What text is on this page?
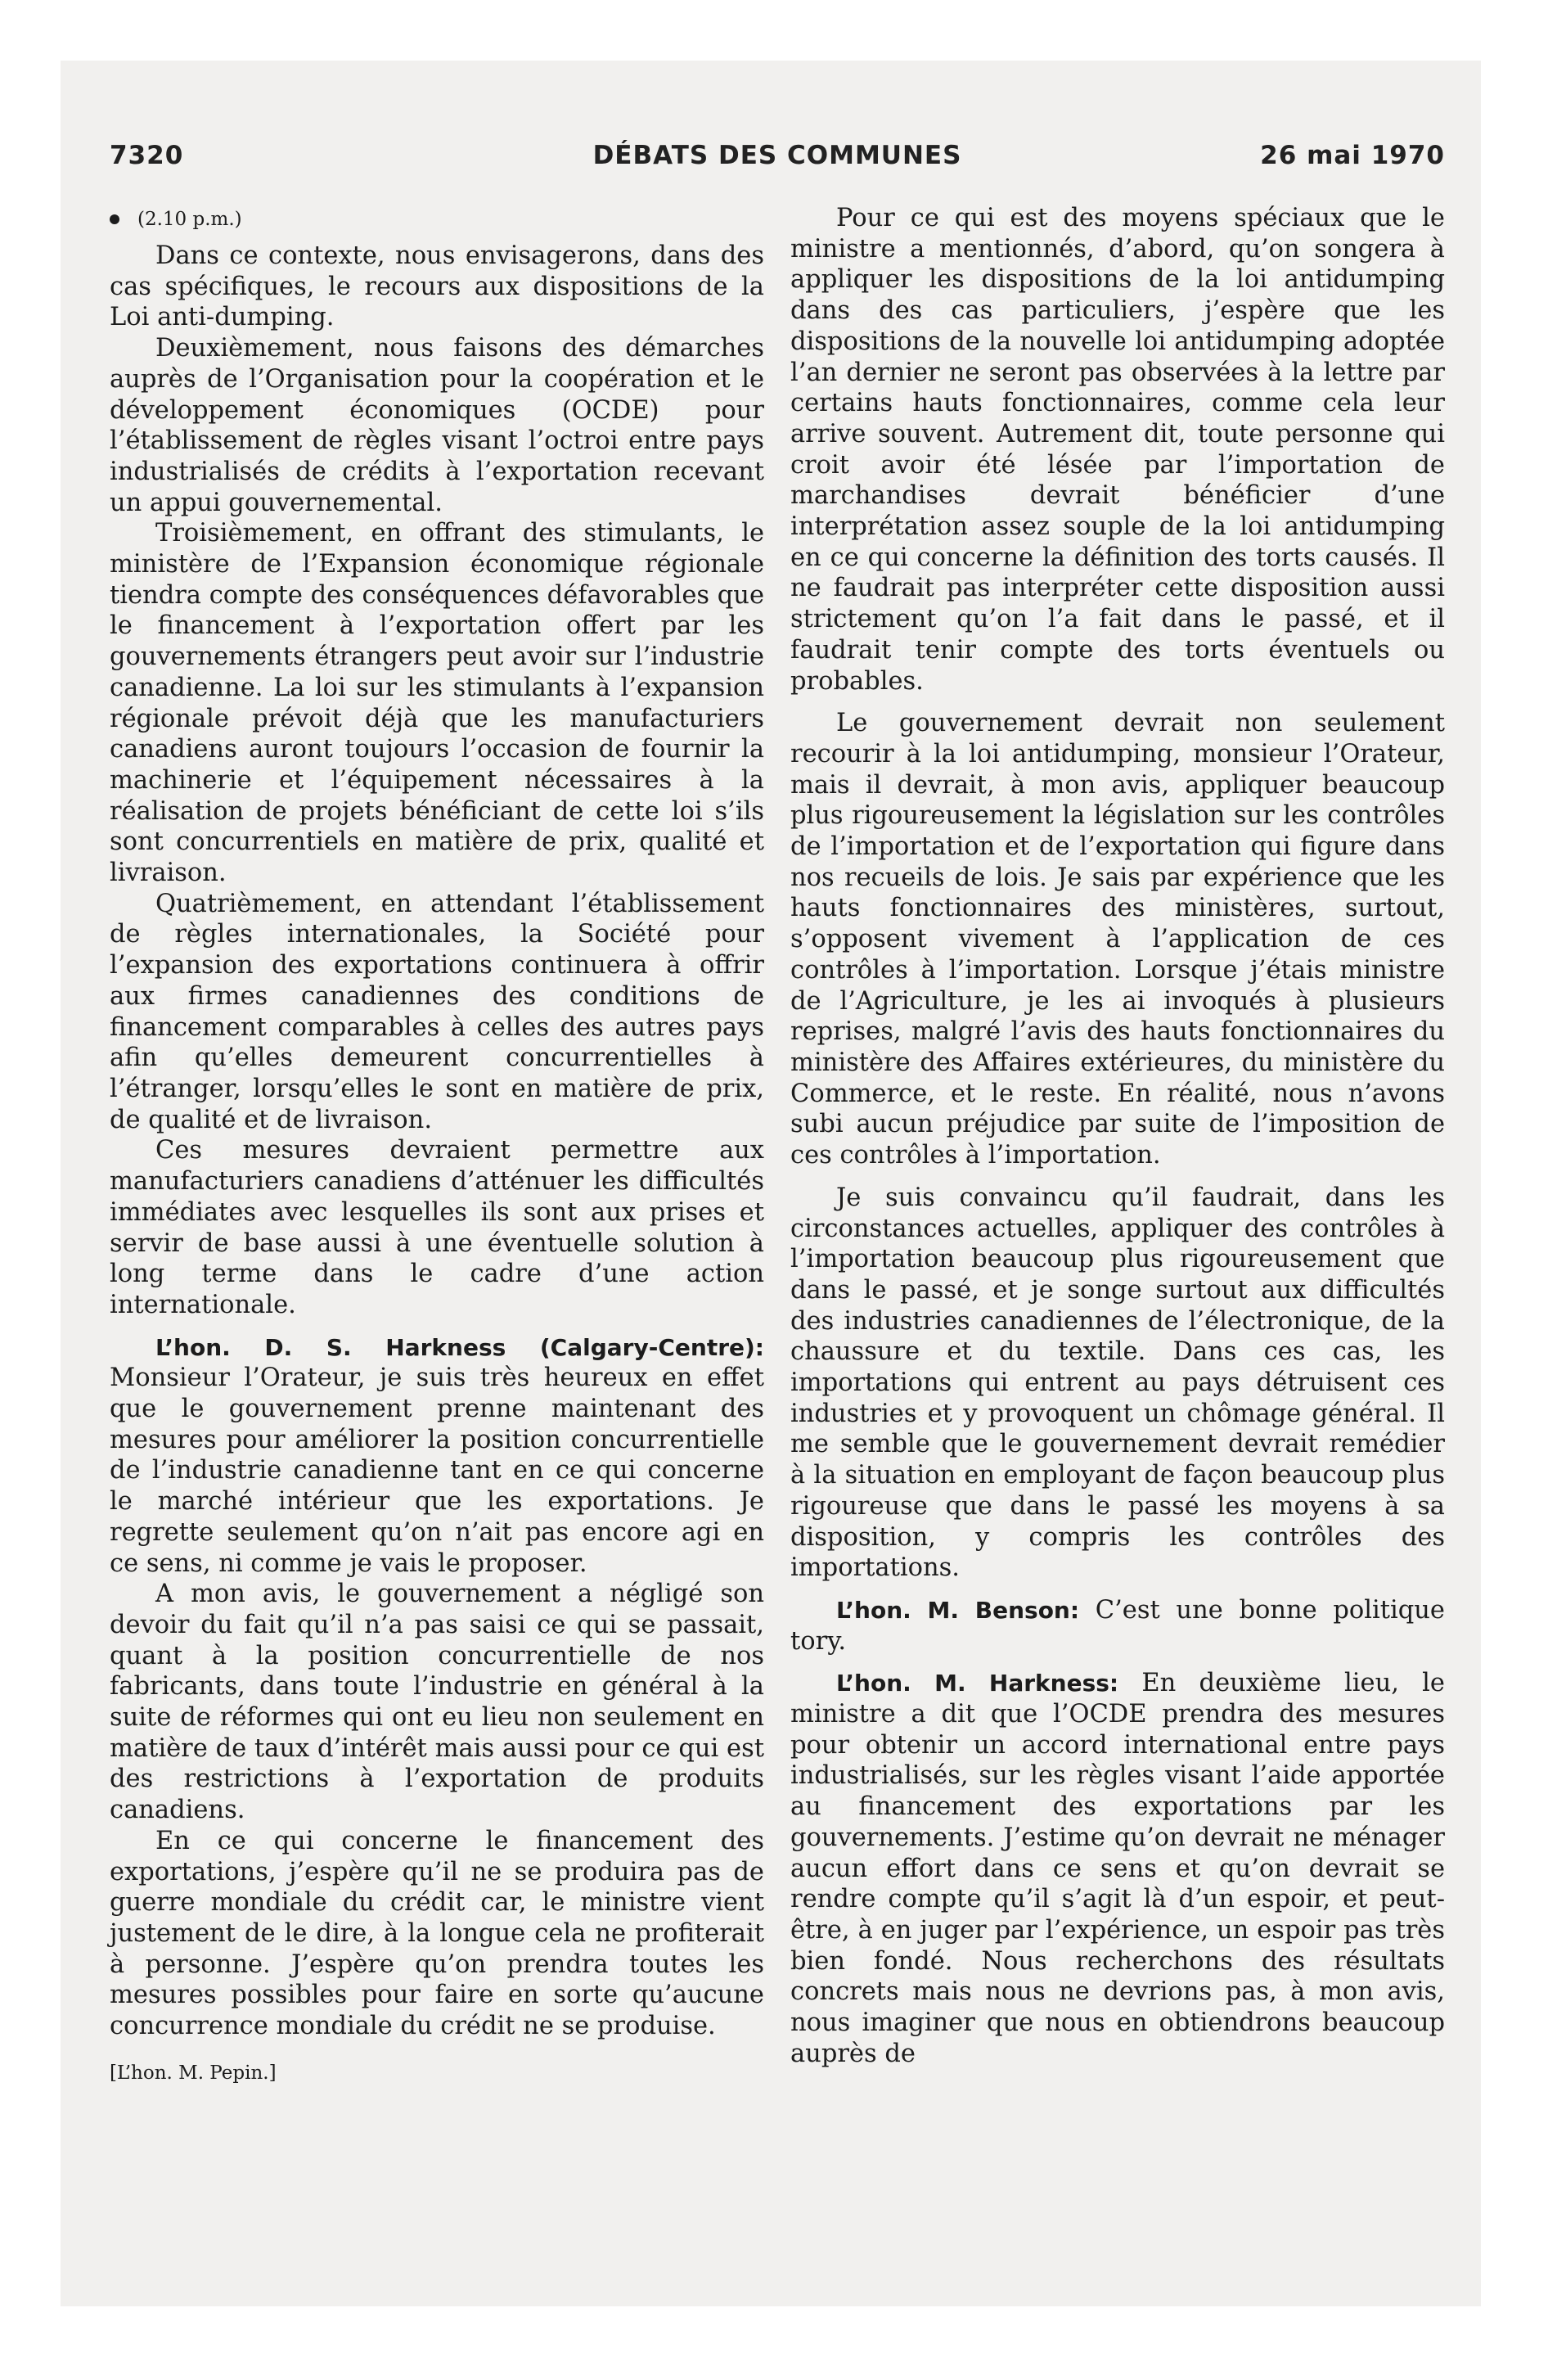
7320	DÉBATS DES COMMUNES	26 mai 1970

(2.10 p.m.)

Dans ce contexte, nous envisagerons, dans des cas spécifiques, le recours aux dispositions de la Loi anti-dumping.

Deuxièmement, nous faisons des démarches auprès de l’Organisation pour la coopération et le développement économiques (OCDE) pour l’établissement de règles visant l’octroi entre pays industrialisés de crédits à l’exportation recevant un appui gouvernemental.

Troisièmement, en offrant des stimulants, le ministère de l’Expansion économique régionale tiendra compte des conséquences défavorables que le financement à l’exportation offert par les gouvernements étrangers peut avoir sur l’industrie canadienne. La loi sur les stimulants à l’expansion régionale prévoit déjà que les manufacturiers canadiens auront toujours l’occasion de fournir la machinerie et l’équipement nécessaires à la réalisation de projets bénéficiant de cette loi s’ils sont concurrentiels en matière de prix, qualité et livraison.

Quatrièmement, en attendant l’établissement de règles internationales, la Société pour l’expansion des exportations continuera à offrir aux firmes canadiennes des conditions de financement comparables à celles des autres pays afin qu’elles demeurent concurrentielles à l’étranger, lorsqu’elles le sont en matière de prix, de qualité et de livraison.

Ces mesures devraient permettre aux manufacturiers canadiens d’atténuer les difficultés immédiates avec lesquelles ils sont aux prises et servir de base aussi à une éventuelle solution à long terme dans le cadre d’une action internationale.

L’hon. D. S. Harkness (Calgary-Centre): Monsieur l’Orateur, je suis très heureux en effet que le gouvernement prenne maintenant des mesures pour améliorer la position concurrentielle de l’industrie canadienne tant en ce qui concerne le marché intérieur que les exportations. Je regrette seulement qu’on n’ait pas encore agi en ce sens, ni comme je vais le proposer.

A mon avis, le gouvernement a négligé son devoir du fait qu’il n’a pas saisi ce qui se passait, quant à la position concurrentielle de nos fabricants, dans toute l’industrie en général à la suite de réformes qui ont eu lieu non seulement en matière de taux d’intérêt mais aussi pour ce qui est des restrictions à l’exportation de produits canadiens.

En ce qui concerne le financement des exportations, j’espère qu’il ne se produira pas de guerre mondiale du crédit car, le ministre vient justement de le dire, à la longue cela ne profiterait à personne. J’espère qu’on prendra toutes les mesures possibles pour faire en sorte qu’aucune concurrence mondiale du crédit ne se produise.

[L’hon. M. Pepin.]

Pour ce qui est des moyens spéciaux que le ministre a mentionnés, d’abord, qu’on songera à appliquer les dispositions de la loi antidumping dans des cas particuliers, j’espère que les dispositions de la nouvelle loi antidumping adoptée l’an dernier ne seront pas observées à la lettre par certains hauts fonctionnaires, comme cela leur arrive souvent. Autrement dit, toute personne qui croit avoir été lésée par l’importation de marchandises devrait bénéficier d’une interprétation assez souple de la loi antidumping en ce qui concerne la définition des torts causés. Il ne faudrait pas interpréter cette disposition aussi strictement qu’on l’a fait dans le passé, et il faudrait tenir compte des torts éventuels ou probables.

Le gouvernement devrait non seulement recourir à la loi antidumping, monsieur l’Orateur, mais il devrait, à mon avis, appliquer beaucoup plus rigoureusement la législation sur les contrôles de l’importation et de l’exportation qui figure dans nos recueils de lois. Je sais par expérience que les hauts fonctionnaires des ministères, surtout, s’opposent vivement à l’application de ces contrôles à l’importation. Lorsque j’étais ministre de l’Agriculture, je les ai invoqués à plusieurs reprises, malgré l’avis des hauts fonctionnaires du ministère des Affaires extérieures, du ministère du Commerce, et le reste. En réalité, nous n’avons subi aucun préjudice par suite de l’imposition de ces contrôles à l’importation.

Je suis convaincu qu’il faudrait, dans les circonstances actuelles, appliquer des contrôles à l’importation beaucoup plus rigoureusement que dans le passé, et je songe surtout aux difficultés des industries canadiennes de l’électronique, de la chaussure et du textile. Dans ces cas, les importations qui entrent au pays détruisent ces industries et y provoquent un chômage général. Il me semble que le gouvernement devrait remédier à la situation en employant de façon beaucoup plus rigoureuse que dans le passé les moyens à sa disposition, y compris les contrôles des importations.

L’hon. M. Benson: C’est une bonne politique tory.

L’hon. M. Harkness: En deuxième lieu, le ministre a dit que l’OCDE prendra des mesures pour obtenir un accord international entre pays industrialisés, sur les règles visant l’aide apportée au financement des exportations par les gouvernements. J’estime qu’on devrait ne ménager aucun effort dans ce sens et qu’on devrait se rendre compte qu’il s’agit là d’un espoir, et peut-être, à en juger par l’expérience, un espoir pas très bien fondé. Nous recherchons des résultats concrets mais nous ne devrions pas, à mon avis, nous imaginer que nous en obtiendrons beaucoup auprès de
